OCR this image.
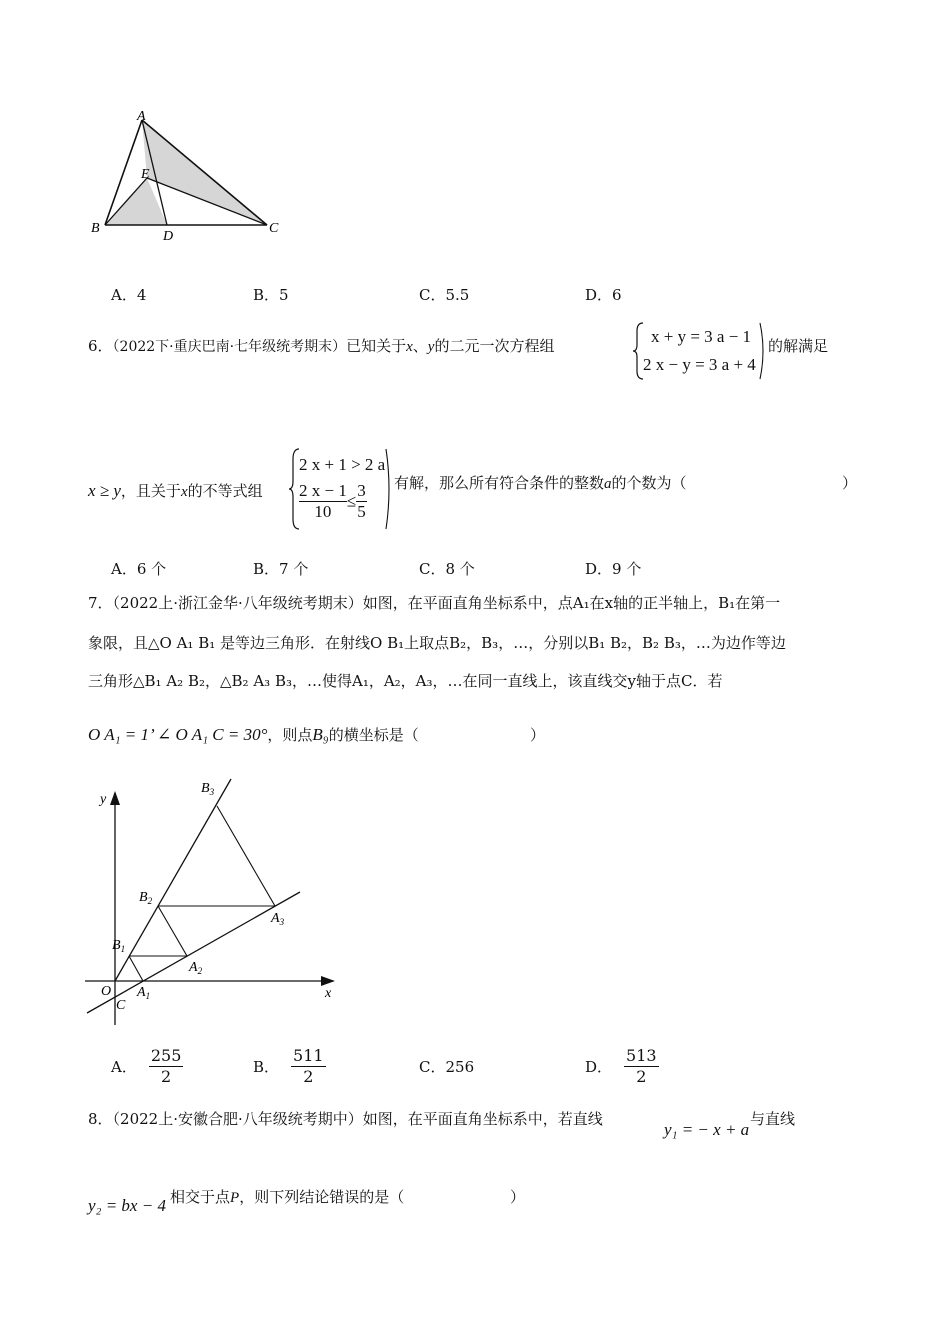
A
E
B
D
C
A．4	B．5	C．5.5	D．6
6．（2022下·重庆巴南·七年级统考期末）已知关于x、y的二元一次方程组	x + y = 3 a − 1
2 x − y = 3 a + 4
的解满足
x ≥ y，且关于x的不等式组
2 x + 1 > 2 a
$\frac{2 x - 1}{10} \le \frac{3}{5}$ 有解，那么所有符合条件的整数a的个数为（	）
A．6 个	B．7 个	C．8 个	D．9 个
7．（2022上·浙江金华·八年级统考期末）如图，在平面直角坐标系中，点A₁在x轴的正半轴上，B₁在第一
象限，且△O A₁ B₁ 是等边三角形．在射线O B₁上取点B₂，B₃，…，分别以B₁ B₂，B₂ B₃，…为边作等边
三角形△B₁ A₂ B₂，△B₂ A₃ B₃，…使得A₁，A₂，A₃，…在同一直线上，该直线交y轴于点C．若
O A₁ = 1’ ∠ O A₁ C = 30°，则点B₉的横坐标是（	）
y
x
O
C
$A_1$
$B_1$
$A_2$
$B_2$
$A_3$
$B_3$
A． $\frac{255}{2}$	B． $\frac{511}{2}$	C．256	D． $\frac{513}{2}$
8．（2022上·安徽合肥·八年级统考期中）如图，在平面直角坐标系中，若直线
y₁ = − x + a
与直线
y₂ = bx − 4 相交于点P，则下列结论错误的是（	）
